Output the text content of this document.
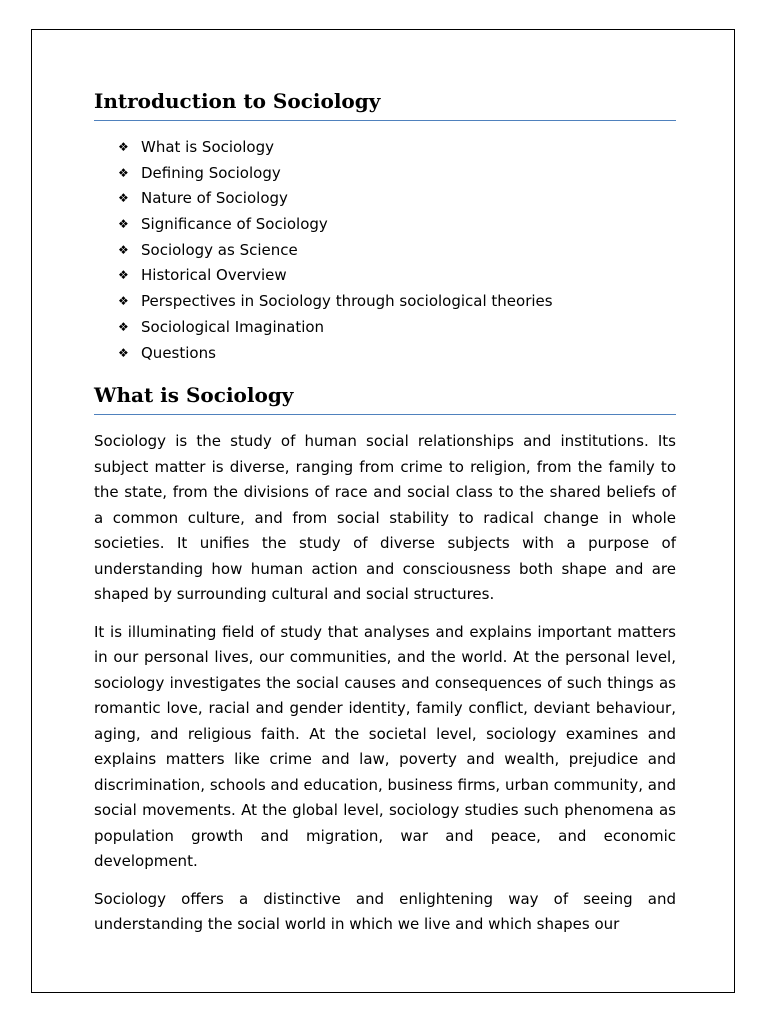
Introduction to Sociology
❖ What is Sociology
❖ Defining Sociology
❖ Nature of Sociology
❖ Significance of Sociology
❖ Sociology as Science
❖ Historical Overview
❖ Perspectives in Sociology through sociological theories
❖ Sociological Imagination
❖ Questions
What is Sociology

Sociology is the study of human social relationships and institutions. Its subject matter is diverse, ranging from crime to religion, from the family to the state, from the divisions of race and social class to the shared beliefs of a common culture, and from social stability to radical change in whole societies. It unifies the study of diverse subjects with a purpose of understanding how human action and consciousness both shape and are shaped by surrounding cultural and social structures.

It is illuminating field of study that analyses and explains important matters in our personal lives, our communities, and the world. At the personal level, sociology investigates the social causes and consequences of such things as romantic love, racial and gender identity, family conflict, deviant behaviour, aging, and religious faith. At the societal level, sociology examines and explains matters like crime and law, poverty and wealth, prejudice and discrimination, schools and education, business firms, urban community, and social movements. At the global level, sociology studies such phenomena as population growth and migration, war and peace, and economic development.

Sociology offers a distinctive and enlightening way of seeing and understanding the social world in which we live and which shapes our
